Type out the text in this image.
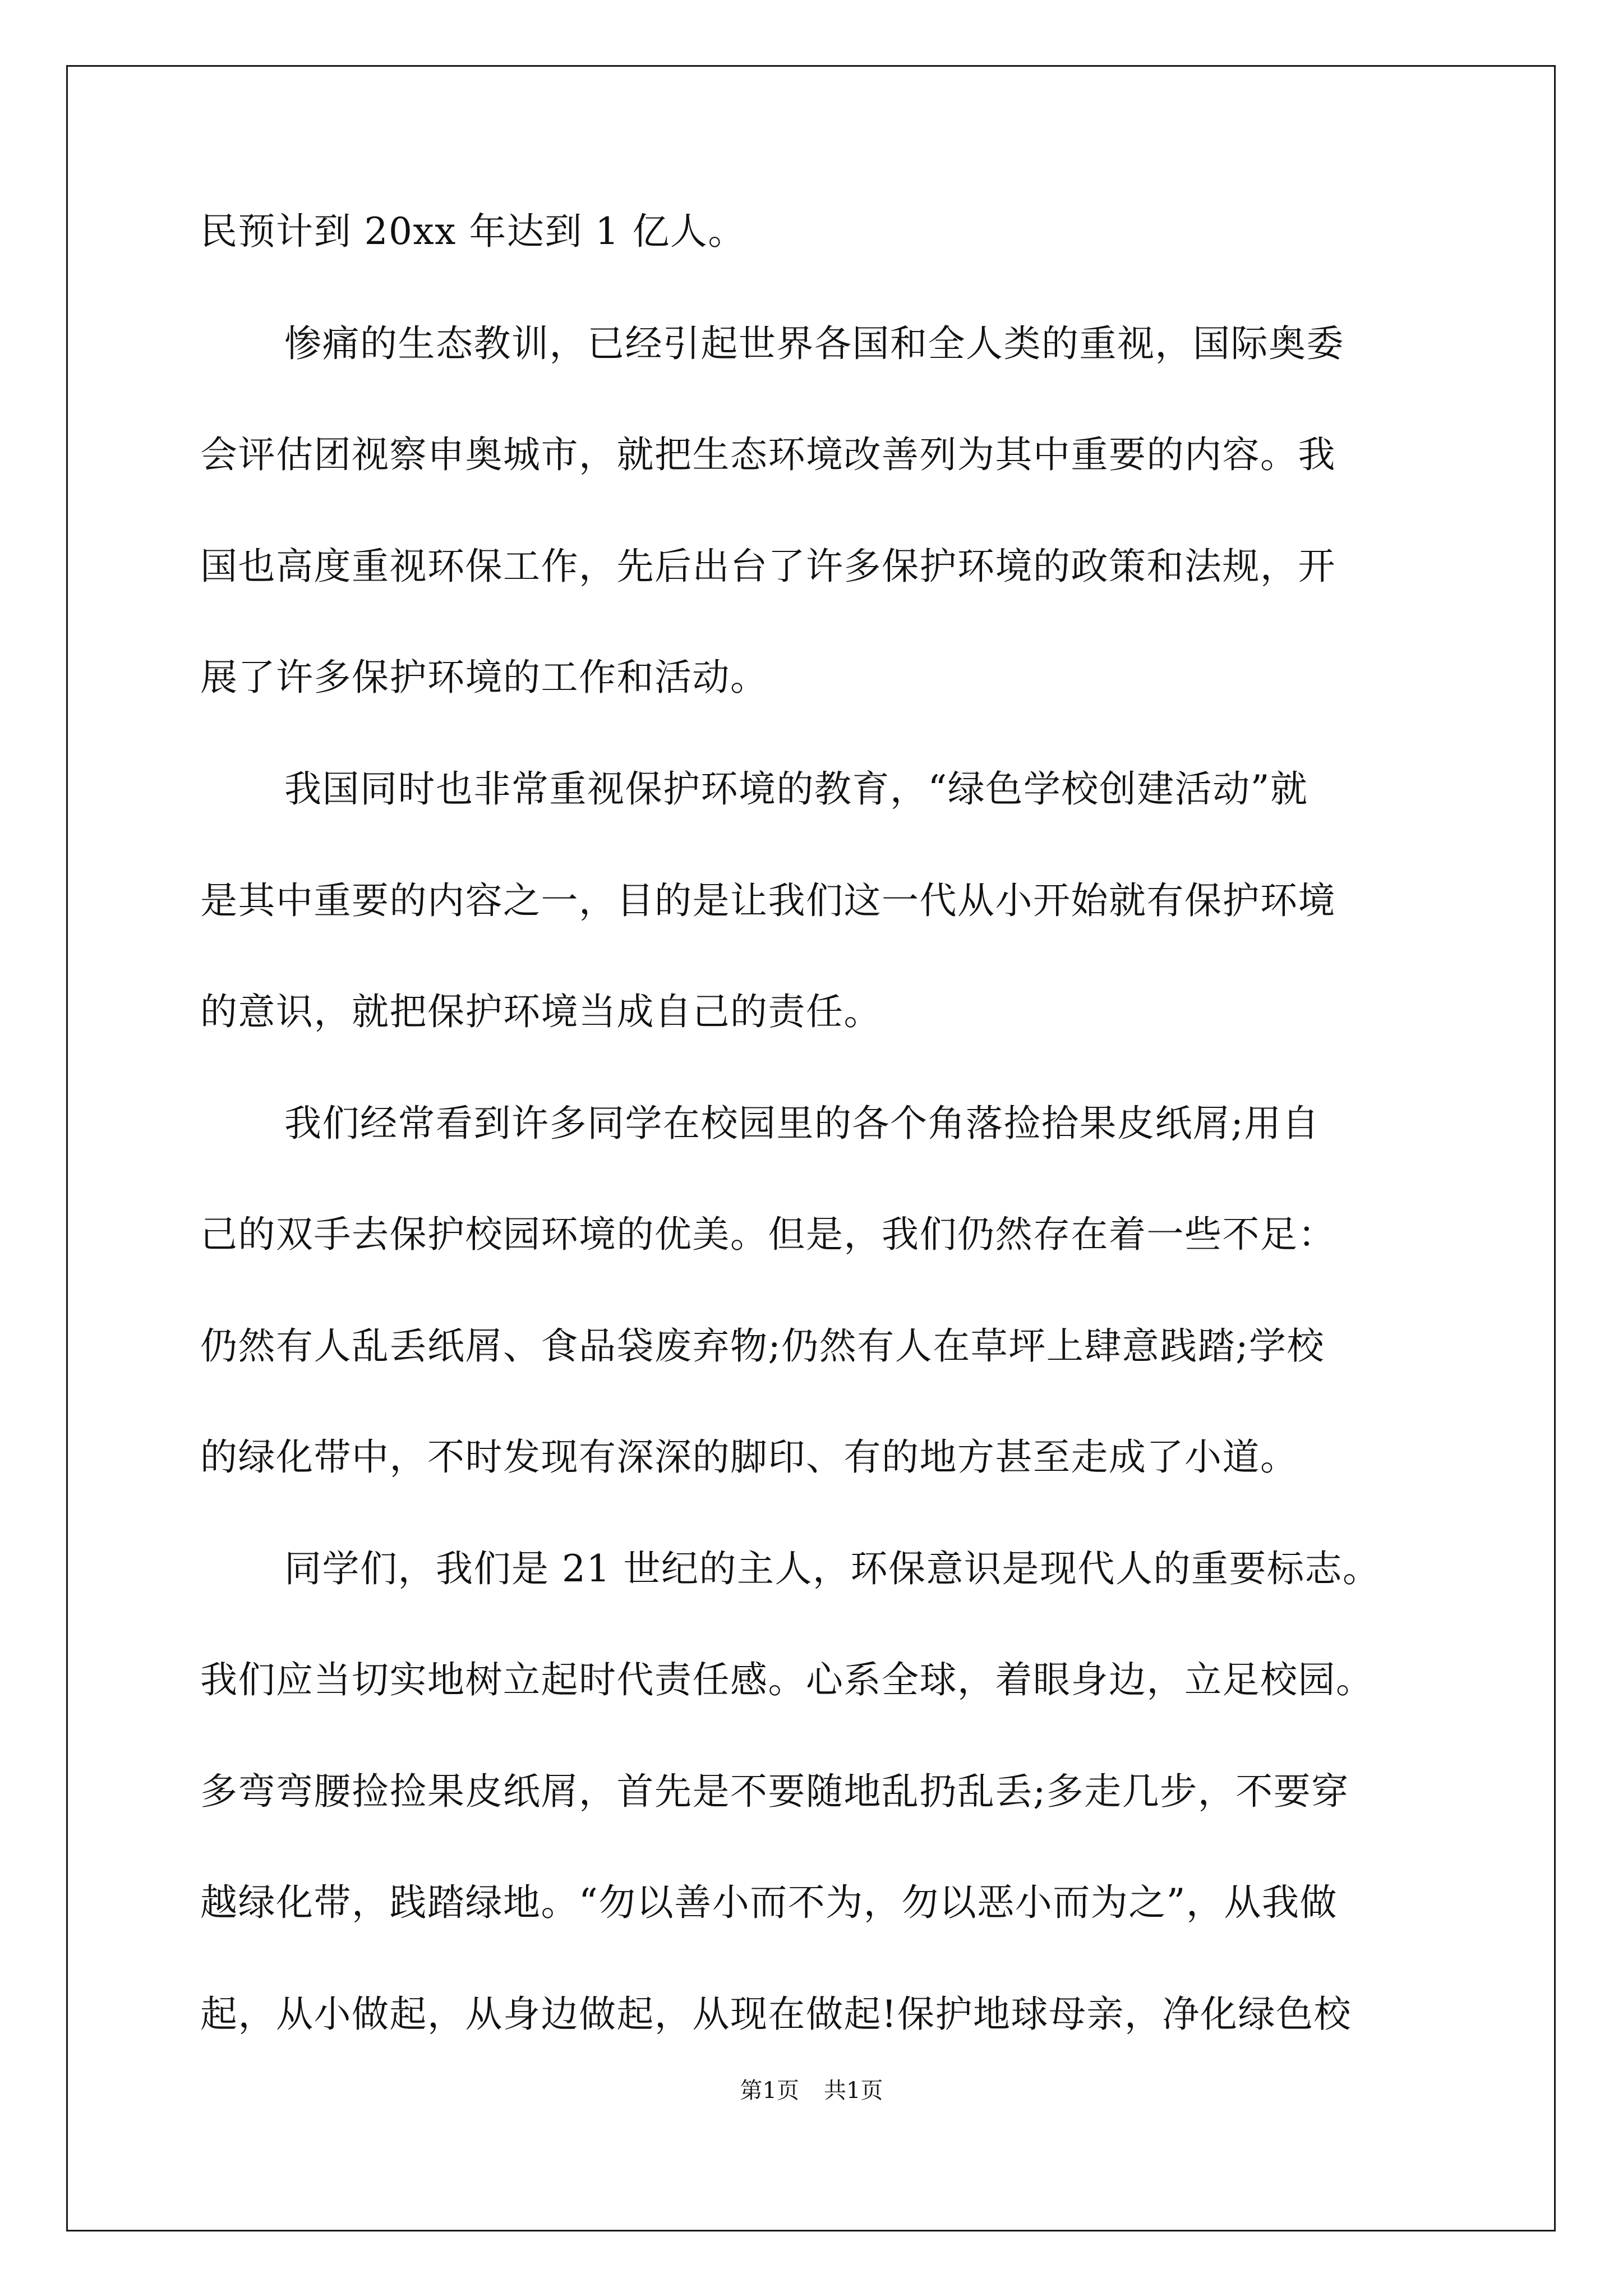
民预计到 20xx 年达到 1 亿人。
惨痛的生态教训，已经引起世界各国和全人类的重视，国际奥委
会评估团视察申奥城市，就把生态环境改善列为其中重要的内容。我
国也高度重视环保工作，先后出台了许多保护环境的政策和法规，开
展了许多保护环境的工作和活动。
我国同时也非常重视保护环境的教育，“绿色学校创建活动”就
是其中重要的内容之一，目的是让我们这一代从小开始就有保护环境
的意识，就把保护环境当成自己的责任。
我们经常看到许多同学在校园里的各个角落捡拾果皮纸屑;用自
己的双手去保护校园环境的优美。但是，我们仍然存在着一些不足：
仍然有人乱丢纸屑、食品袋废弃物;仍然有人在草坪上肆意践踏;学校
的绿化带中，不时发现有深深的脚印、有的地方甚至走成了小道。
同学们，我们是 21 世纪的主人，环保意识是现代人的重要标志。
我们应当切实地树立起时代责任感。心系全球，着眼身边，立足校园。
多弯弯腰捡捡果皮纸屑，首先是不要随地乱扔乱丢;多走几步，不要穿
越绿化带，践踏绿地。“勿以善小而不为，勿以恶小而为之”，从我做
起，从小做起，从身边做起，从现在做起!保护地球母亲，净化绿色校
第1页 共1页
